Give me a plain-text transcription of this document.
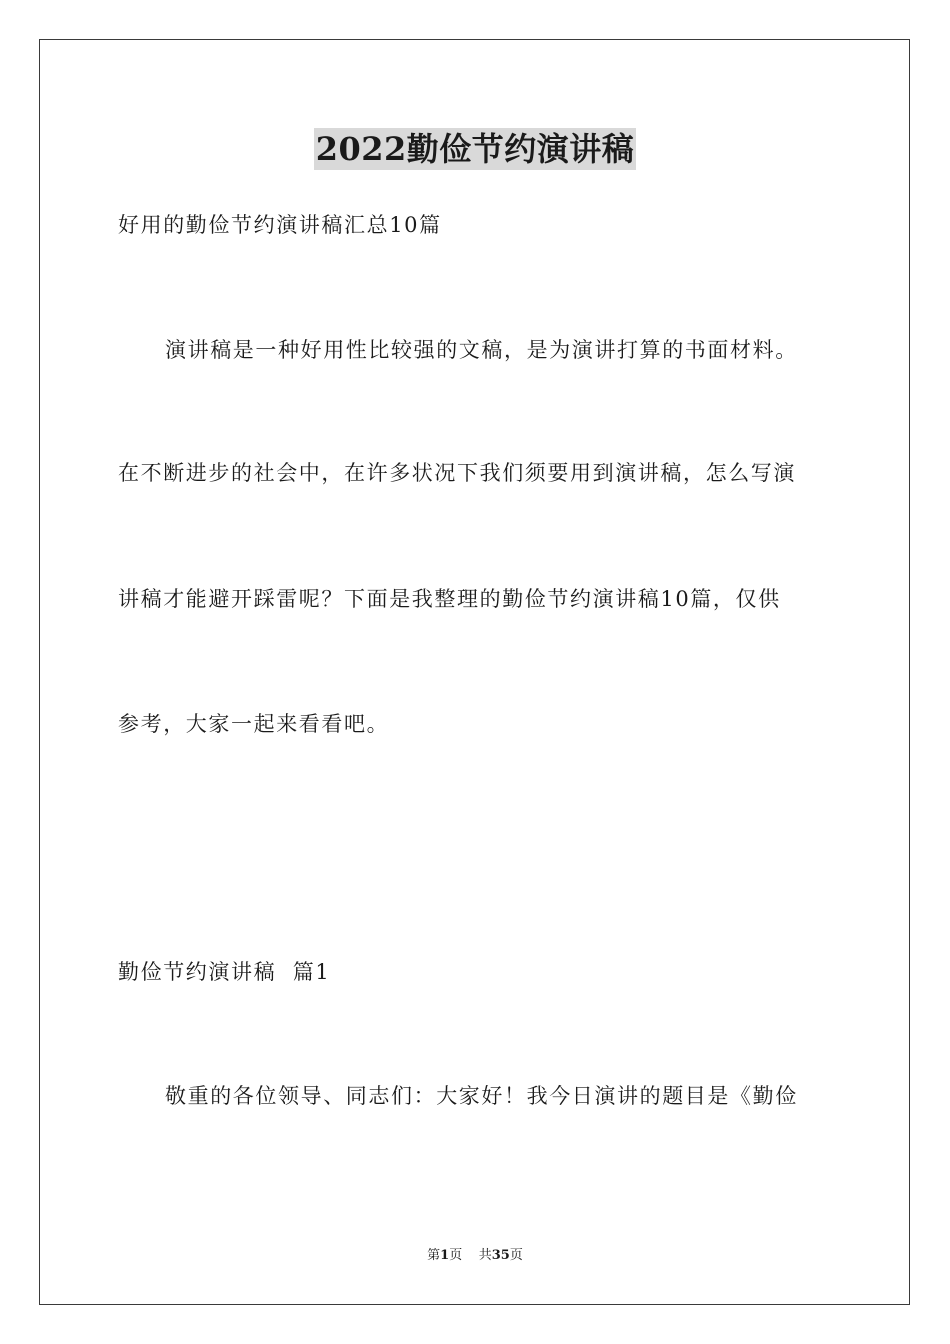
2022勤俭节约演讲稿
好用的勤俭节约演讲稿汇总10篇
演讲稿是一种好用性比较强的文稿，是为演讲打算的书面材料。
在不断进步的社会中，在许多状况下我们须要用到演讲稿，怎么写演
讲稿才能避开踩雷呢？下面是我整理的勤俭节约演讲稿10篇，仅供
参考，大家一起来看看吧。
勤俭节约演讲稿  篇1
敬重的各位领导、同志们：大家好！我今日演讲的题目是《勤俭
第1页 共35页
